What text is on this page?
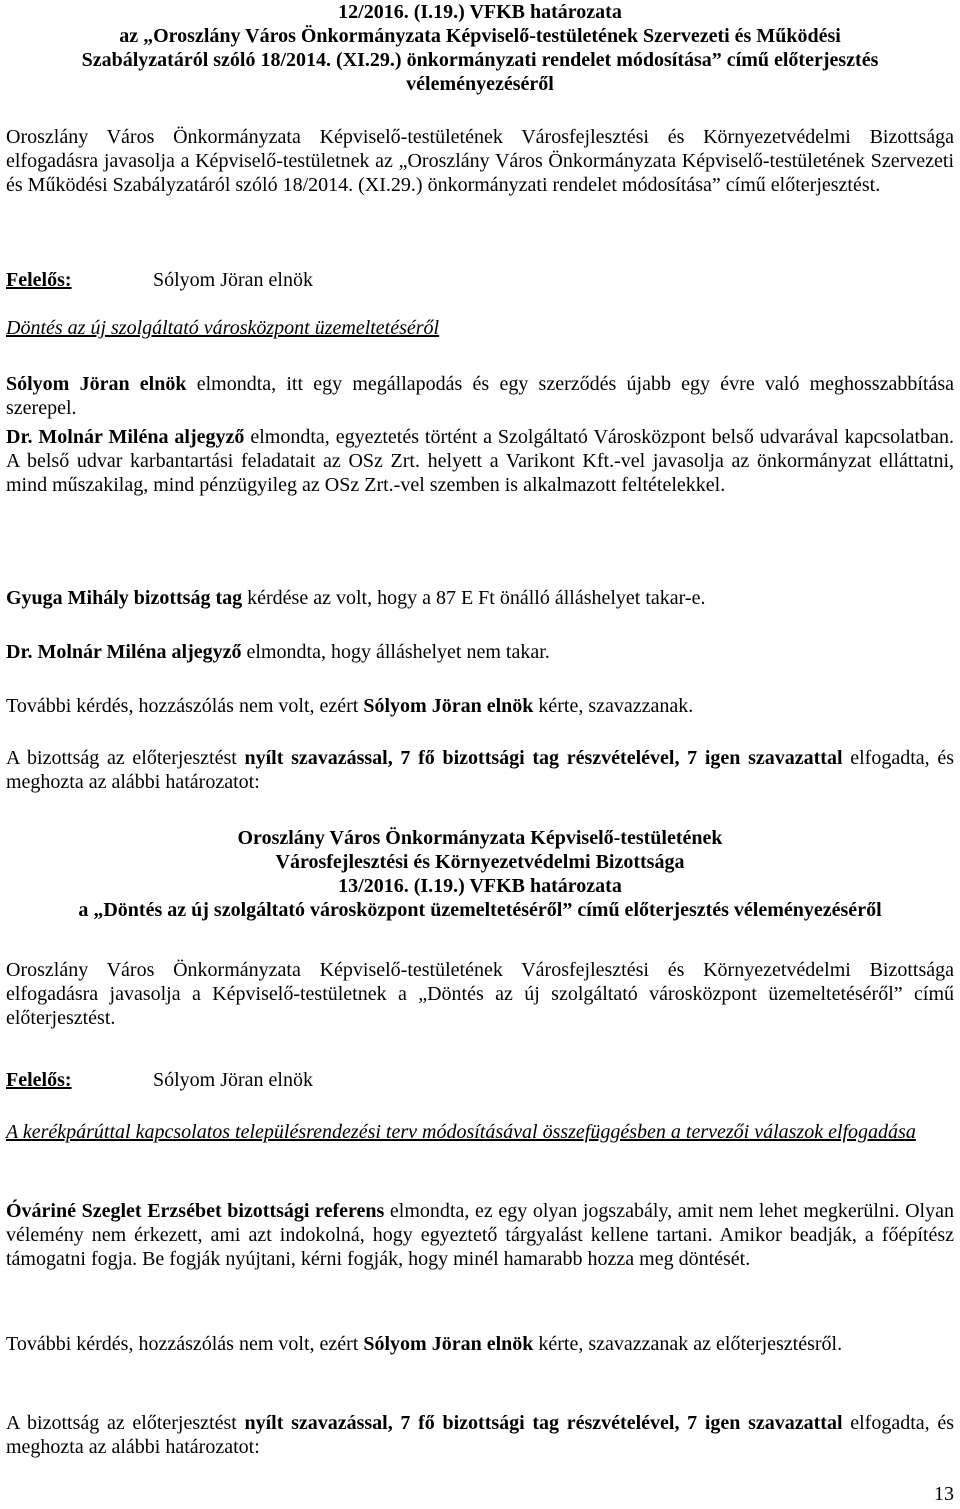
12/2016. (I.19.) VFKB határozata
az „Oroszlány Város Önkormányzata Képviselő-testületének Szervezeti és Működési
Szabályzatáról szóló 18/2014. (XI.29.) önkormányzati rendelet módosítása” című előterjesztés
véleményezéséről
Oroszlány Város Önkormányzata Képviselő-testületének Városfejlesztési és Környezetvédelmi Bizottsága elfogadásra javasolja a Képviselő-testületnek az „Oroszlány Város Önkormányzata Képviselő-testületének Szervezeti és Működési Szabályzatáról szóló 18/2014. (XI.29.) önkormányzati rendelet módosítása” című előterjesztést.
Felelős:	Sólyom Jöran elnök
Döntés az új szolgáltató városközpont üzemeltetéséről
Sólyom Jöran elnök elmondta, itt egy megállapodás és egy szerződés újabb egy évre való meghosszabbítása szerepel.
Dr. Molnár Miléna aljegyző elmondta, egyeztetés történt a Szolgáltató Városközpont belső udvarával kapcsolatban. A belső udvar karbantartási feladatait az OSz Zrt. helyett a Varikont Kft.-vel javasolja az önkormányzat elláttatni, mind műszakilag, mind pénzügyileg az OSz Zrt.-vel szemben is alkalmazott feltételekkel.
Gyuga Mihály bizottság tag kérdése az volt, hogy a 87 E Ft önálló álláshelyet takar-e.
Dr. Molnár Miléna aljegyző elmondta, hogy álláshelyet nem takar.
További kérdés, hozzászólás nem volt, ezért Sólyom Jöran elnök kérte, szavazzanak.
A bizottság az előterjesztést nyílt szavazással, 7 fő bizottsági tag részvételével, 7 igen szavazattal elfogadta, és meghozta az alábbi határozatot:
Oroszlány Város Önkormányzata Képviselő-testületének
Városfejlesztési és Környezetvédelmi Bizottsága
13/2016. (I.19.) VFKB határozata
a „Döntés az új szolgáltató városközpont üzemeltetéséről” című előterjesztés véleményezéséről
Oroszlány Város Önkormányzata Képviselő-testületének Városfejlesztési és Környezetvédelmi Bizottsága elfogadásra javasolja a Képviselő-testületnek a „Döntés az új szolgáltató városközpont üzemeltetéséről” című előterjesztést.
Felelős:	Sólyom Jöran elnök
A kerékpárúttal kapcsolatos településrendezési terv módosításával összefüggésben a tervezői válaszok elfogadása
Óváriné Szeglet Erzsébet bizottsági referens elmondta, ez egy olyan jogszabály, amit nem lehet megkerülni. Olyan vélemény nem érkezett, ami azt indokolná, hogy egyeztető tárgyalást kellene tartani. Amikor beadják, a főépítész támogatni fogja. Be fogják nyújtani, kérni fogják, hogy minél hamarabb hozza meg döntését.
További kérdés, hozzászólás nem volt, ezért Sólyom Jöran elnök kérte, szavazzanak az előterjesztésről.
A bizottság az előterjesztést nyílt szavazással, 7 fő bizottsági tag részvételével, 7 igen szavazattal elfogadta, és meghozta az alábbi határozatot:
13
